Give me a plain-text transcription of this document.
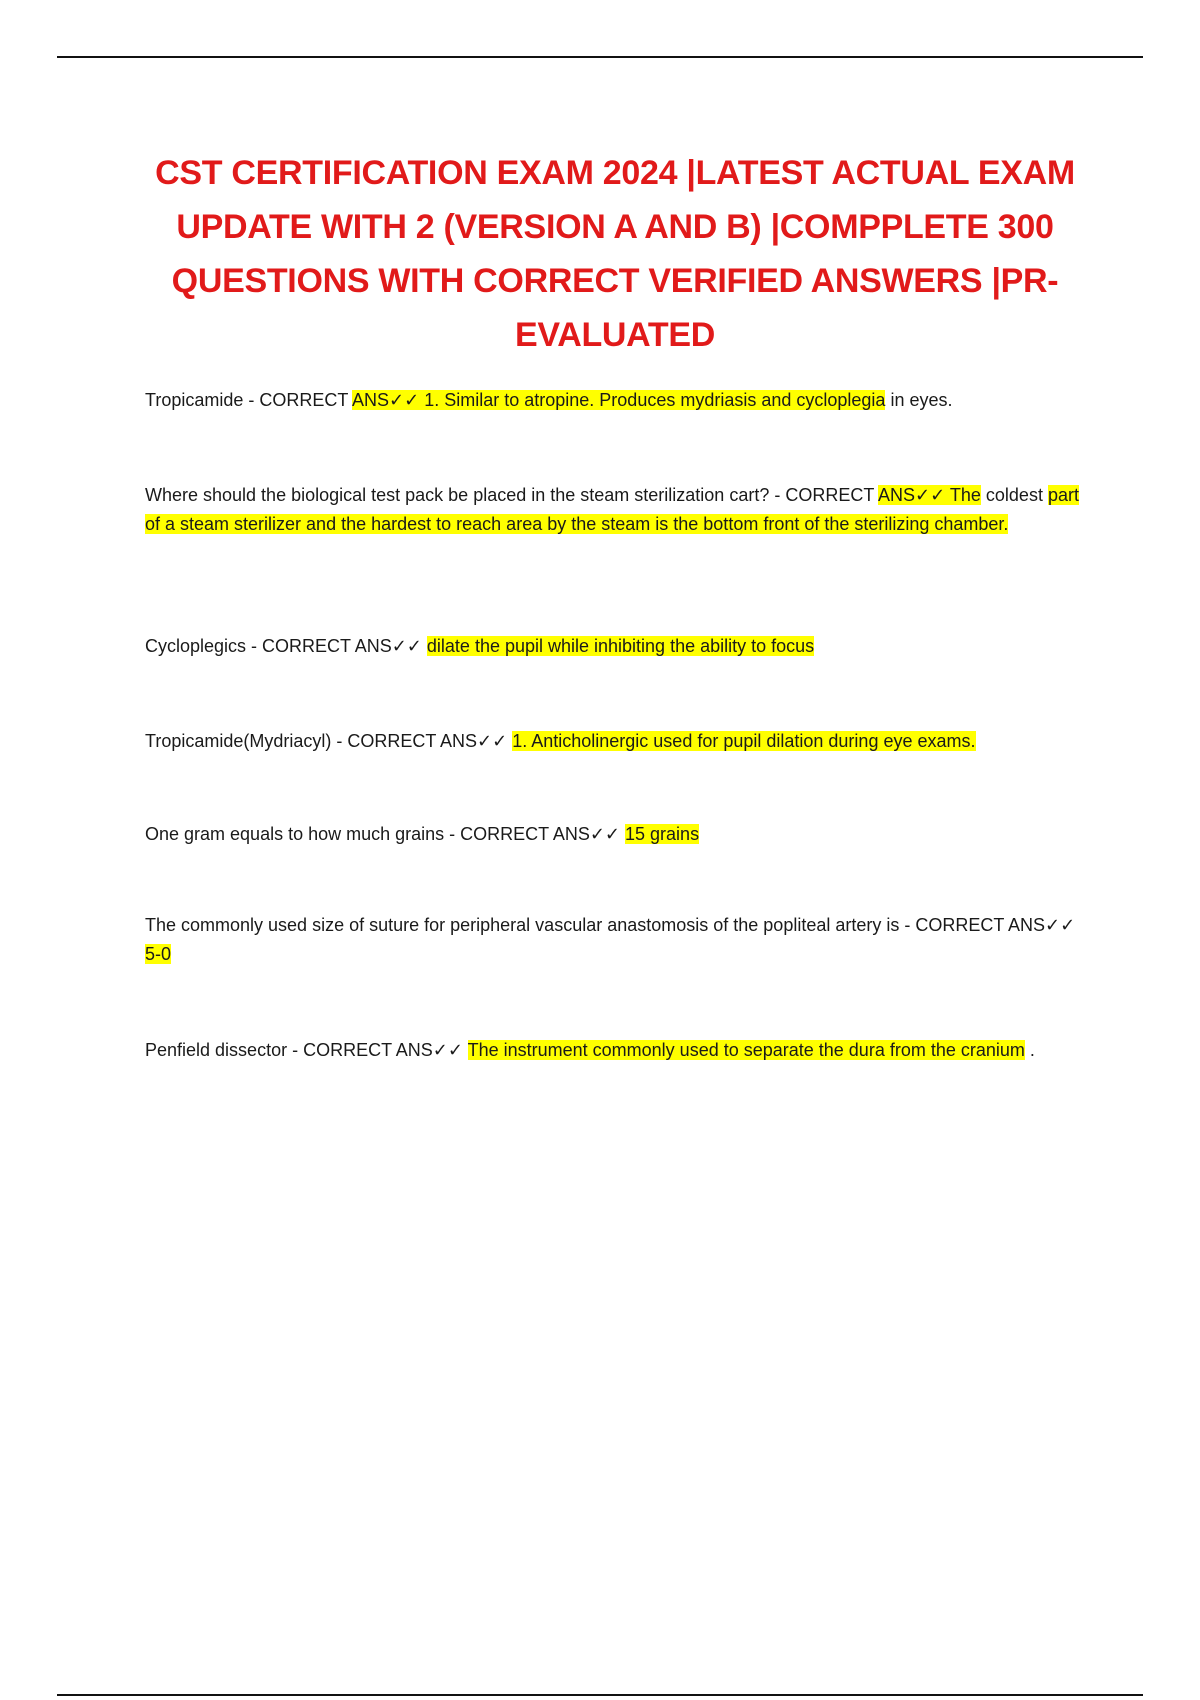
CST CERTIFICATION EXAM 2024 |LATEST ACTUAL EXAM UPDATE WITH 2 (VERSION A AND B) |COMPPLETE 300 QUESTIONS WITH CORRECT VERIFIED ANSWERS |PR-EVALUATED

Tropicamide - CORRECT ANS✓✓ 1. Similar to atropine. Produces mydriasis and cycloplegia in eyes.

Where should the biological test pack be placed in the steam sterilization cart? - CORRECT ANS✓✓ The coldest part of a steam sterilizer and the hardest to reach area by the steam is the bottom front of the sterilizing chamber.

Cycloplegics - CORRECT ANS✓✓ dilate the pupil while inhibiting the ability to focus

Tropicamide(Mydriacyl) - CORRECT ANS✓✓ 1. Anticholinergic used for pupil dilation during eye exams.

One gram equals to how much grains - CORRECT ANS✓✓ 15 grains

The commonly used size of suture for peripheral vascular anastomosis of the popliteal artery is - CORRECT ANS✓✓ 5-0

Penfield dissector - CORRECT ANS✓✓ The instrument commonly used to separate the dura from the cranium .
